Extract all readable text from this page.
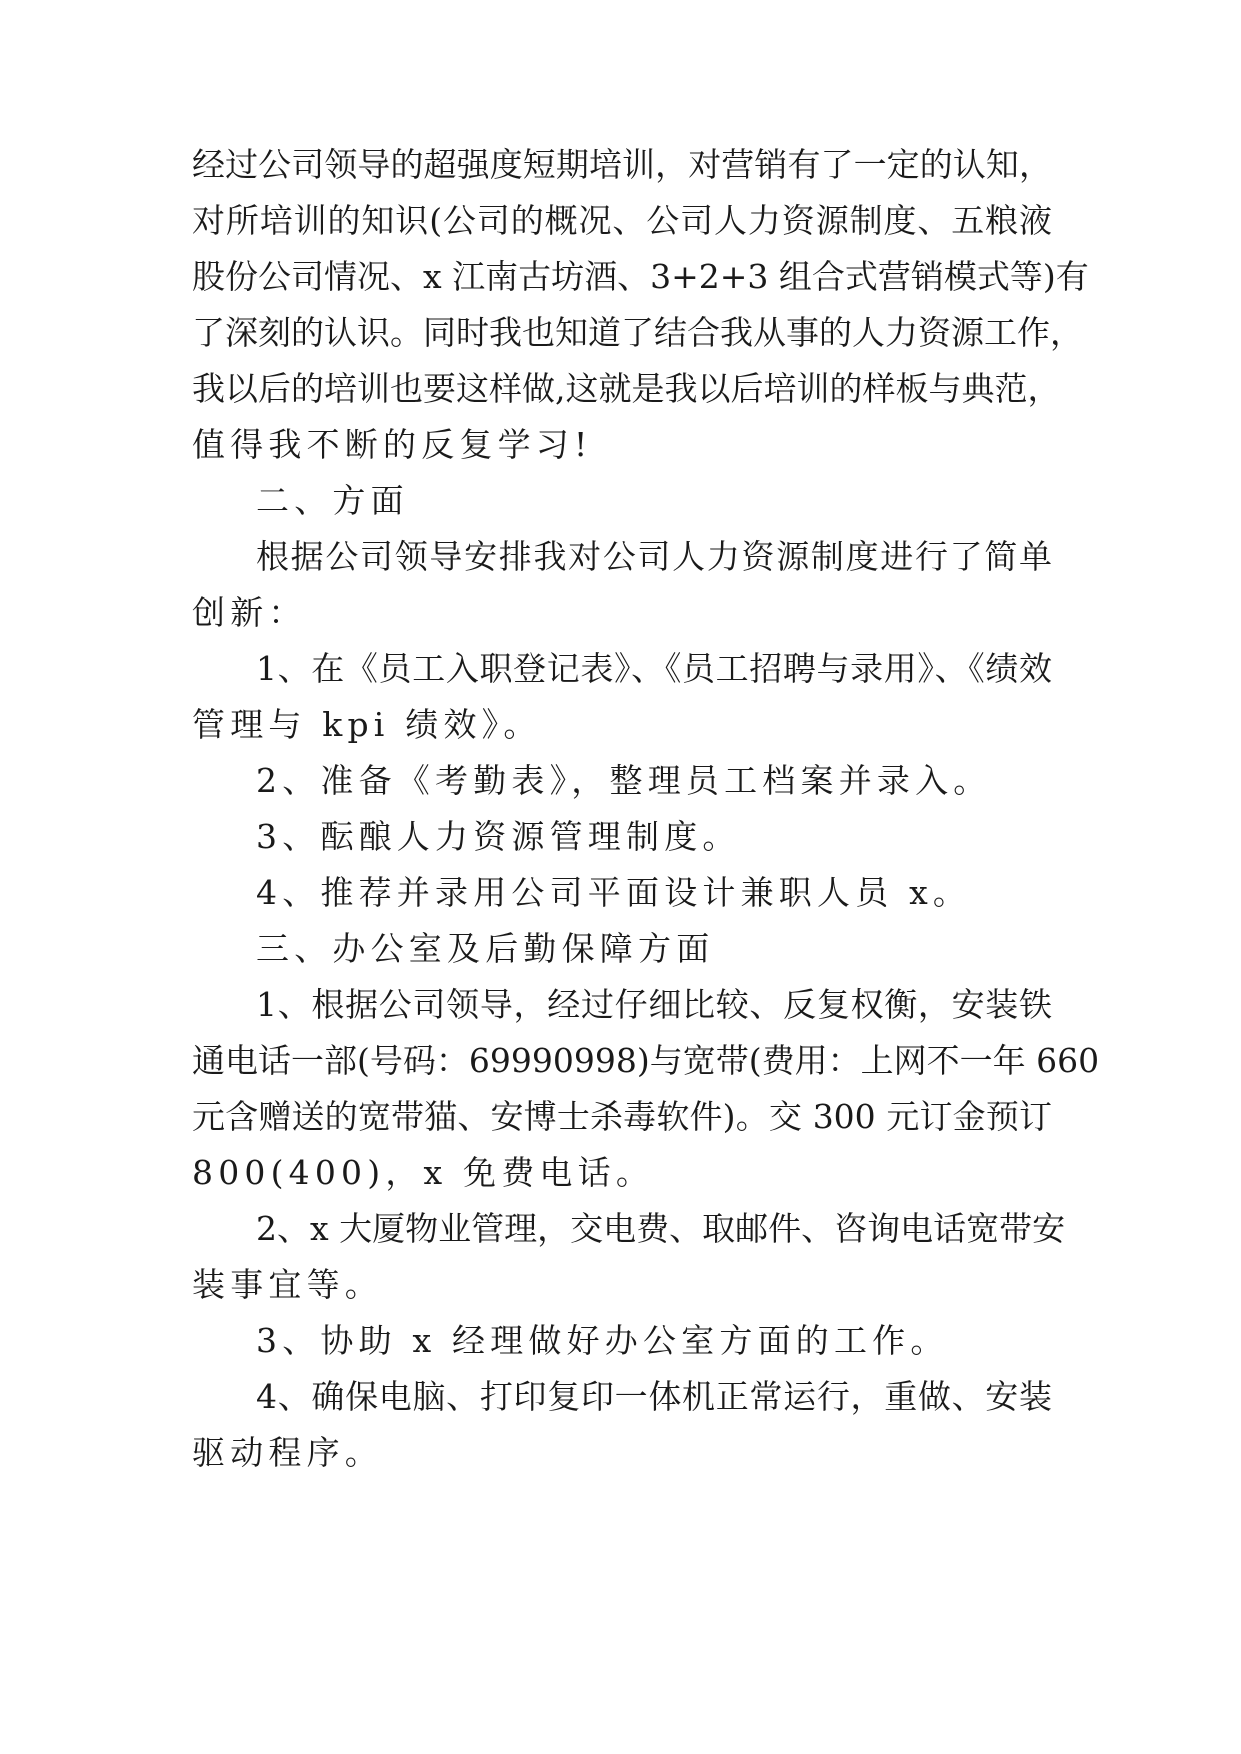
经过公司领导的超强度短期培训，对营销有了一定的认知，
对所培训的知识(公司的概况、公司人力资源制度、五粮液
股份公司情况、x 江南古坊酒、3+2+3 组合式营销模式等)有
了深刻的认识。同时我也知道了结合我从事的人力资源工作，
我以后的培训也要这样做,这就是我以后培训的样板与典范，
值得我不断的反复学习!
二、方面
根据公司领导安排我对公司人力资源制度进行了简单
创新：
1、在《员工入职登记表》、《员工招聘与录用》、《绩效
管理与 kpi 绩效》。
2、准备《考勤表》，整理员工档案并录入。
3、酝酿人力资源管理制度。
4、推荐并录用公司平面设计兼职人员 x。
三、办公室及后勤保障方面
1、根据公司领导，经过仔细比较、反复权衡，安装铁
通电话一部(号码：69990998)与宽带(费用：上网不一年 660
元含赠送的宽带猫、安博士杀毒软件)。交 300 元订金预订
800(400)，x 免费电话。
2、x 大厦物业管理，交电费、取邮件、咨询电话宽带安
装事宜等。
3、协助 x 经理做好办公室方面的工作。
4、确保电脑、打印复印一体机正常运行，重做、安装
驱动程序。
